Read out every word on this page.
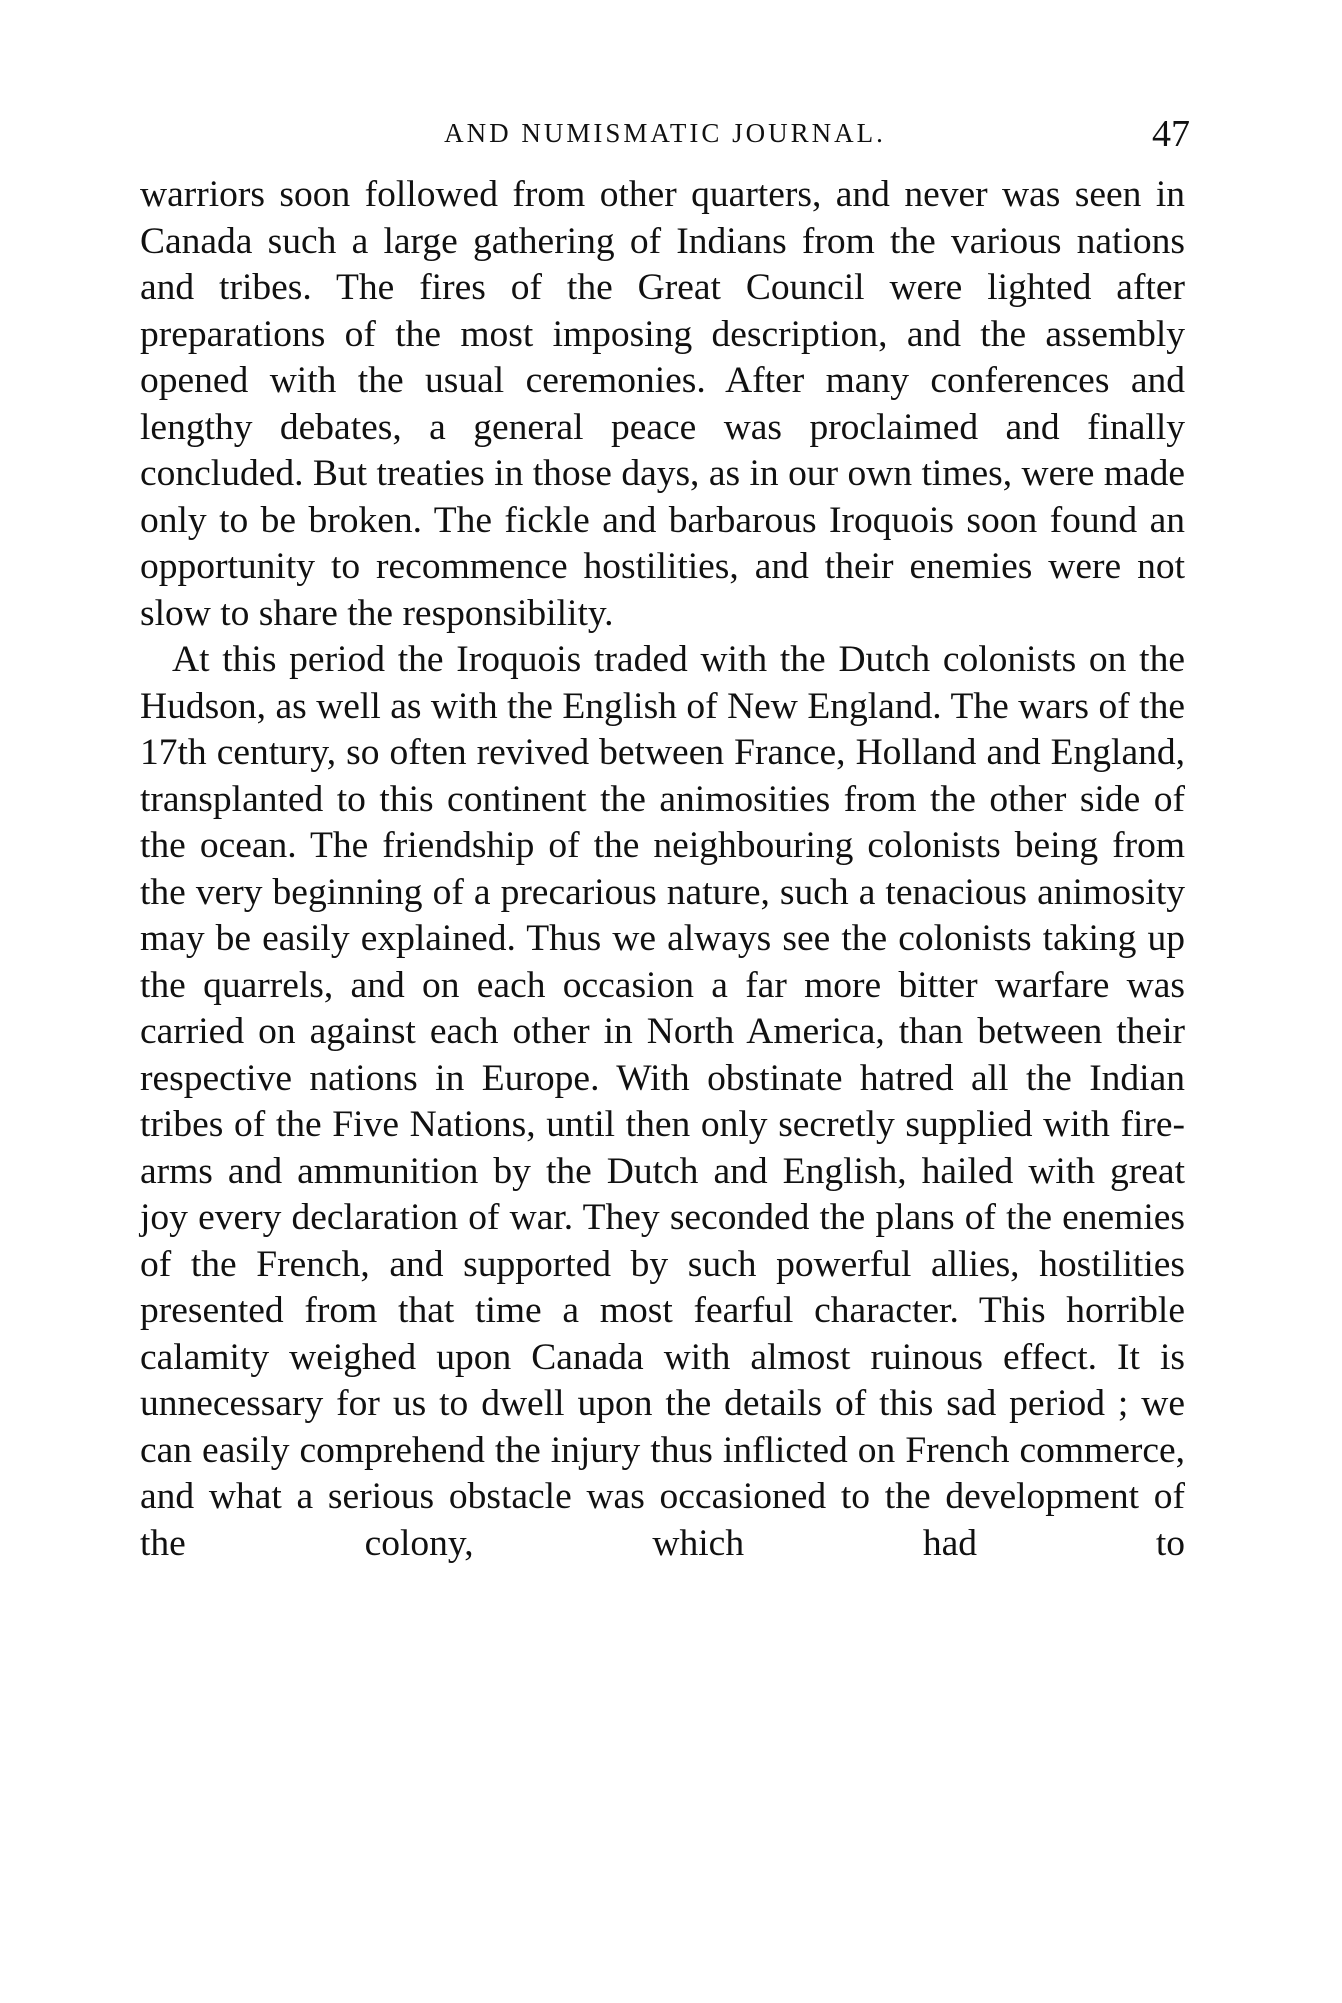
AND NUMISMATIC JOURNAL.	47

warriors soon followed from other quarters, and never was seen in Canada such a large gathering of Indians from the various nations and tribes. The fires of the Great Council were lighted after preparations of the most imposing description, and the assembly opened with the usual ceremonies. After many conferences and lengthy debates, a general peace was proclaimed and finally concluded. But treaties in those days, as in our own times, were made only to be broken. The fickle and barbarous Iroquois soon found an opportunity to recommence hostilities, and their enemies were not slow to share the responsibility.

At this period the Iroquois traded with the Dutch colonists on the Hudson, as well as with the English of New England. The wars of the 17th century, so often revived between France, Holland and England, transplanted to this continent the animosities from the other side of the ocean. The friendship of the neighbouring colonists being from the very beginning of a precarious nature, such a tenacious animosity may be easily explained. Thus we always see the colonists taking up the quarrels, and on each occasion a far more bitter warfare was carried on against each other in North America, than between their respective nations in Europe. With obstinate hatred all the Indian tribes of the Five Nations, until then only secretly supplied with fire-arms and ammunition by the Dutch and English, hailed with great joy every declaration of war. They seconded the plans of the enemies of the French, and supported by such powerful allies, hostilities presented from that time a most fearful character. This horrible calamity weighed upon Canada with almost ruinous effect. It is unnecessary for us to dwell upon the details of this sad period ; we can easily comprehend the injury thus inflicted on French commerce, and what a serious obstacle was occasioned to the development of the colony, which had to
